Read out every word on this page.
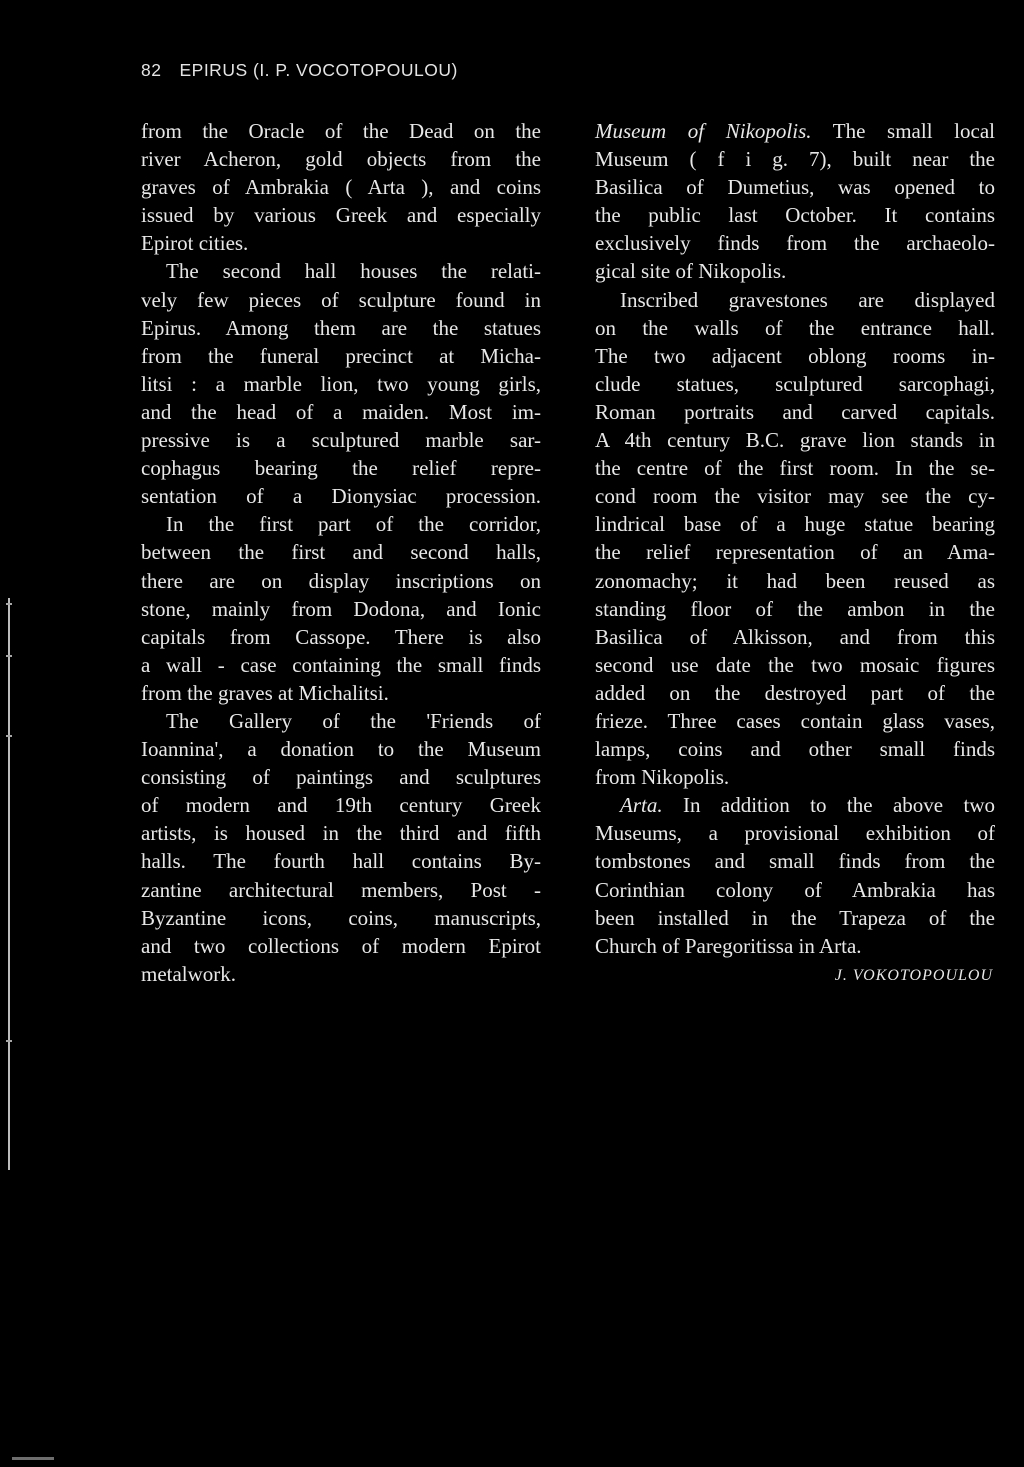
82 EPIRUS (I. P. VOCOTOPOULOU)
from the Oracle of the Dead on the
river Acheron, gold objects from the
graves of Ambrakia ( Arta ), and coins
issued by various Greek and especially
Epirot cities.
The second hall houses the relati-
vely few pieces of sculpture found in
Epirus. Among them are the statues
from the funeral precinct at Micha-
litsi : a marble lion, two young girls,
and the head of a maiden. Most im-
pressive is a sculptured marble sar-
cophagus bearing the relief repre-
sentation of a Dionysiac procession.
In the first part of the corridor,
between the first and second halls,
there are on display inscriptions on
stone, mainly from Dodona, and Ionic
capitals from Cassope. There is also
a wall - case containing the small finds
from the graves at Michalitsi.
The Gallery of the 'Friends of
Ioannina', a donation to the Museum
consisting of paintings and sculptures
of modern and 19th century Greek
artists, is housed in the third and fifth
halls. The fourth hall contains By-
zantine architectural members, Post -
Byzantine icons, coins, manuscripts,
and two collections of modern Epirot
metalwork.
Museum of Nikopolis. The small local
Museum ( f i g. 7), built near the
Basilica of Dumetius, was opened to
the public last October. It contains
exclusively finds from the archaeolo-
gical site of Nikopolis.
Inscribed gravestones are displayed
on the walls of the entrance hall.
The two adjacent oblong rooms in-
clude statues, sculptured sarcophagi,
Roman portraits and carved capitals.
A 4th century B.C. grave lion stands in
the centre of the first room. In the se-
cond room the visitor may see the cy-
lindrical base of a huge statue bearing
the relief representation of an Ama-
zonomachy; it had been reused as
standing floor of the ambon in the
Basilica of Alkisson, and from this
second use date the two mosaic figures
added on the destroyed part of the
frieze. Three cases contain glass vases,
lamps, coins and other small finds
from Nikopolis.
Arta. In addition to the above two
Museums, a provisional exhibition of
tombstones and small finds from the
Corinthian colony of Ambrakia has
been installed in the Trapeza of the
Church of Paregoritissa in Arta.
J. VOKOTOPOULOU
